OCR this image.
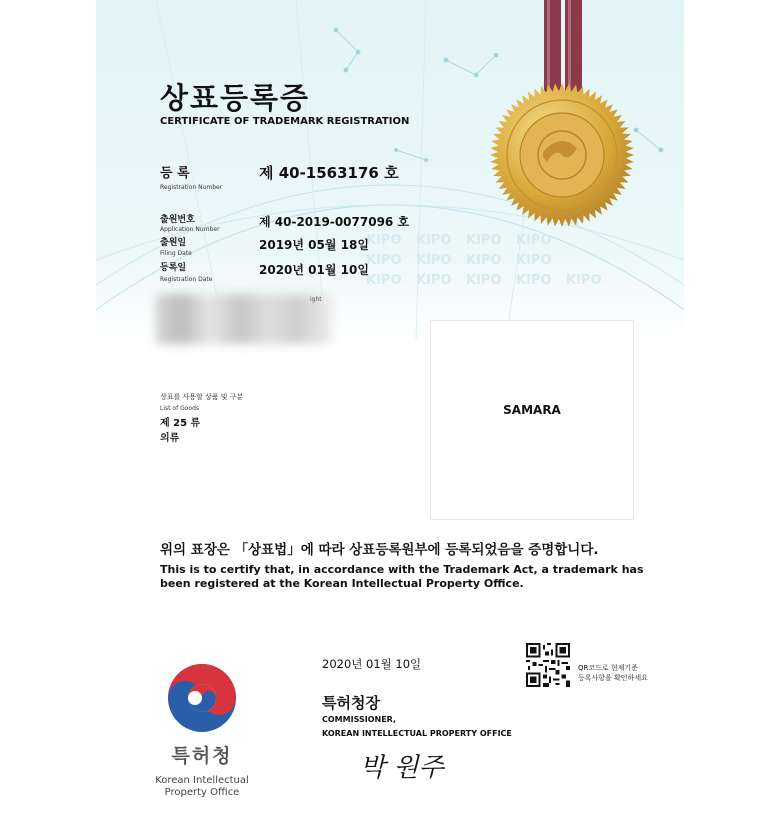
KIPO KIPO KIPO KIPO
KIPO KIPO KIPO KIPO
KIPO KIPO KIPO KIPO KIPO
상표등록증
CERTIFICATE OF TRADEMARK REGISTRATION
등 록
Registration Number
제 40-1563176 호
출원번호
Application Number
제 40-2019-0077096 호
출원일
Filing Date
2019년 05월 18일
등록일
Registration Date
2020년 01월 10일
ight
SAMARA
상표를 사용할 상품 및 구분
List of Goods
제 25 류
의류
위의 표장은 「상표법」에 따라 상표등록원부에 등록되었음을 증명합니다.
This is to certify that, in accordance with the Trademark Act, a trademark has
been registered at the Korean Intellectual Property Office.
2020년 01월 10일	QR코드로 현재기준
등록사항을 확인하세요
특허청장
COMMISSIONER,
KOREAN INTELLECTUAL PROPERTY OFFICE
박 원주
특허청
Korean Intellectual
Property Office
